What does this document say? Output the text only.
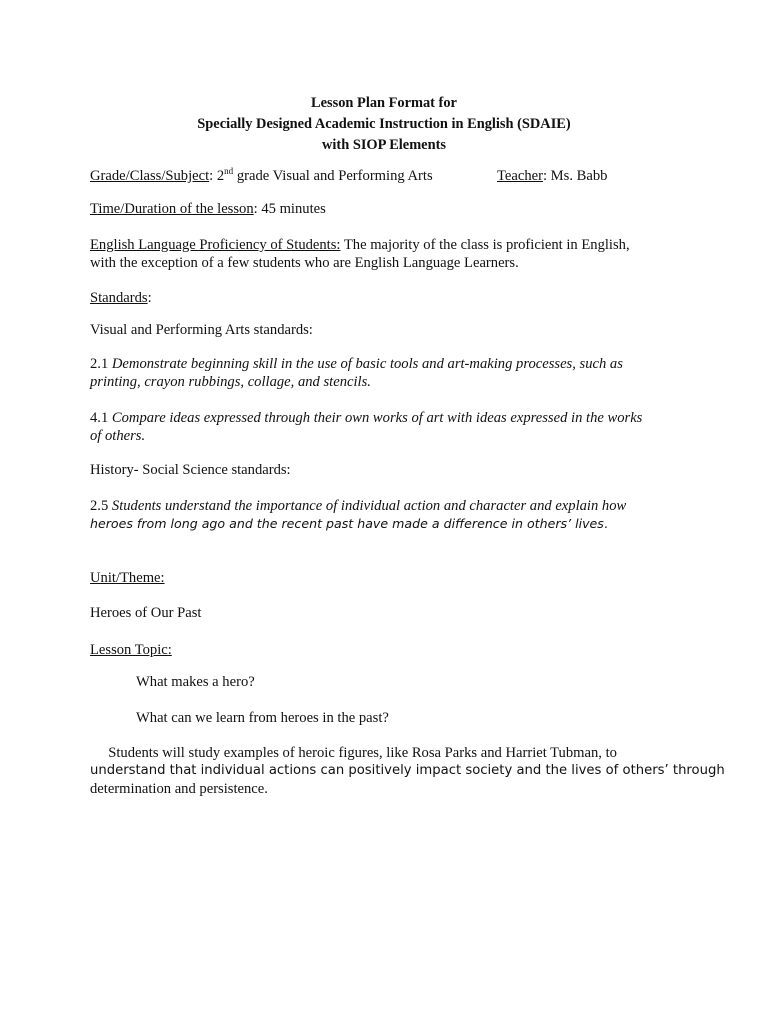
Lesson Plan Format for
Specially Designed Academic Instruction in English (SDAIE)
with SIOP Elements
Grade/Class/Subject: 2nd grade Visual and Performing Arts	Teacher: Ms. Babb
Time/Duration of the lesson: 45 minutes
English Language Proficiency of Students: The majority of the class is proficient in English,
with the exception of a few students who are English Language Learners.
Standards:
Visual and Performing Arts standards:
2.1 Demonstrate beginning skill in the use of basic tools and art-making processes, such as
printing, crayon rubbings, collage, and stencils.
4.1 Compare ideas expressed through their own works of art with ideas expressed in the works
of others.
History- Social Science standards:
2.5 Students understand the importance of individual action and character and explain how
heroes from long ago and the recent past have made a difference in others’ lives.
Unit/Theme:
Heroes of Our Past
Lesson Topic:
What makes a hero?
What can we learn from heroes in the past?
Students will study examples of heroic figures, like Rosa Parks and Harriet Tubman, to
understand that individual actions can positively impact society and the lives of others’ through
determination and persistence.
